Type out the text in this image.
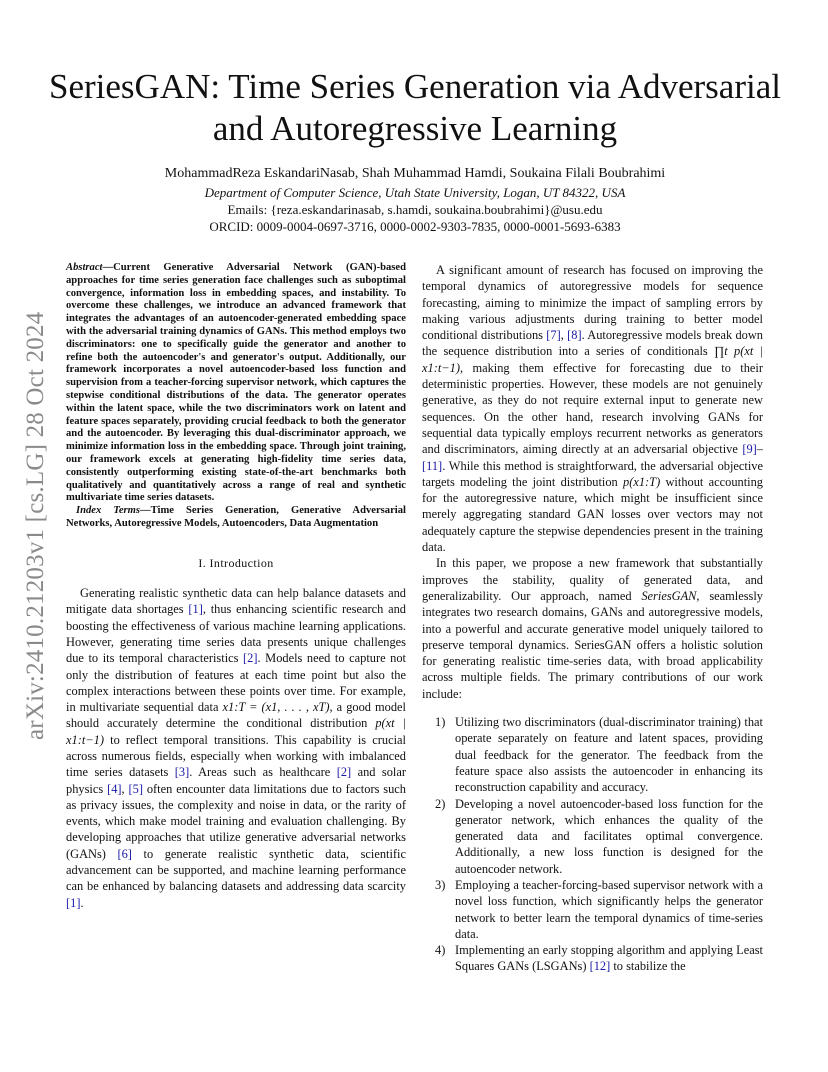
arXiv:2410.21203v1 [cs.LG] 28 Oct 2024
SeriesGAN: Time Series Generation via Adversarial and Autoregressive Learning
MohammadReza EskandariNasab, Shah Muhammad Hamdi, Soukaina Filali Boubrahimi
Department of Computer Science, Utah State University, Logan, UT 84322, USA
Emails: {reza.eskandarinasab, s.hamdi, soukaina.boubrahimi}@usu.edu
ORCID: 0009-0004-0697-3716, 0000-0002-9303-7835, 0000-0001-5693-6383
Abstract—Current Generative Adversarial Network (GAN)-based approaches for time series generation face challenges such as suboptimal convergence, information loss in embedding spaces, and instability. To overcome these challenges, we introduce an advanced framework that integrates the advantages of an autoencoder-generated embedding space with the adversarial training dynamics of GANs. This method employs two discriminators: one to specifically guide the generator and another to refine both the autoencoder's and generator's output. Additionally, our framework incorporates a novel autoencoder-based loss function and supervision from a teacher-forcing supervisor network, which captures the stepwise conditional distributions of the data. The generator operates within the latent space, while the two discriminators work on latent and feature spaces separately, providing crucial feedback to both the generator and the autoencoder. By leveraging this dual-discriminator approach, we minimize information loss in the embedding space. Through joint training, our framework excels at generating high-fidelity time series data, consistently outperforming existing state-of-the-art benchmarks both qualitatively and quantitatively across a range of real and synthetic multivariate time series datasets.
Index Terms—Time Series Generation, Generative Adversarial Networks, Autoregressive Models, Autoencoders, Data Augmentation
I. Introduction

Generating realistic synthetic data can help balance datasets and mitigate data shortages [1], thus enhancing scientific research and boosting the effectiveness of various machine learning applications. However, generating time series data presents unique challenges due to its temporal characteristics [2]. Models need to capture not only the distribution of features at each time point but also the complex interactions between these points over time. For example, in multivariate sequential data x1:T = (x1, . . . , xT), a good model should accurately determine the conditional distribution p(xt | x1:t−1) to reflect temporal transitions. This capability is crucial across numerous fields, especially when working with imbalanced time series datasets [3]. Areas such as healthcare [2] and solar physics [4], [5] often encounter data limitations due to factors such as privacy issues, the complexity and noise in data, or the rarity of events, which make model training and evaluation challenging. By developing approaches that utilize generative adversarial networks (GANs) [6] to generate realistic synthetic data, scientific advancement can be supported, and machine learning performance can be enhanced by balancing datasets and addressing data scarcity [1].

A significant amount of research has focused on improving the temporal dynamics of autoregressive models for sequence forecasting, aiming to minimize the impact of sampling errors by making various adjustments during training to better model conditional distributions [7], [8]. Autoregressive models break down the sequence distribution into a series of conditionals ∏t p(xt | x1:t−1), making them effective for forecasting due to their deterministic properties. However, these models are not genuinely generative, as they do not require external input to generate new sequences. On the other hand, research involving GANs for sequential data typically employs recurrent networks as generators and discriminators, aiming directly at an adversarial objective [9]–[11]. While this method is straightforward, the adversarial objective targets modeling the joint distribution p(x1:T) without accounting for the autoregressive nature, which might be insufficient since merely aggregating standard GAN losses over vectors may not adequately capture the stepwise dependencies present in the training data.

In this paper, we propose a new framework that substantially improves the stability, quality of generated data, and generalizability. Our approach, named SeriesGAN, seamlessly integrates two research domains, GANs and autoregressive models, into a powerful and accurate generative model uniquely tailored to preserve temporal dynamics. SeriesGAN offers a holistic solution for generating realistic time-series data, with broad applicability across multiple fields. The primary contributions of our work include:

1) Utilizing two discriminators (dual-discriminator training) that operate separately on feature and latent spaces, providing dual feedback for the generator. The feedback from the feature space also assists the autoencoder in enhancing its reconstruction capability and accuracy.
2) Developing a novel autoencoder-based loss function for the generator network, which enhances the quality of the generated data and facilitates optimal convergence. Additionally, a new loss function is designed for the autoencoder network.
3) Employing a teacher-forcing-based supervisor network with a novel loss function, which significantly helps the generator network to better learn the temporal dynamics of time-series data.
4) Implementing an early stopping algorithm and applying Least Squares GANs (LSGANs) [12] to stabilize the
